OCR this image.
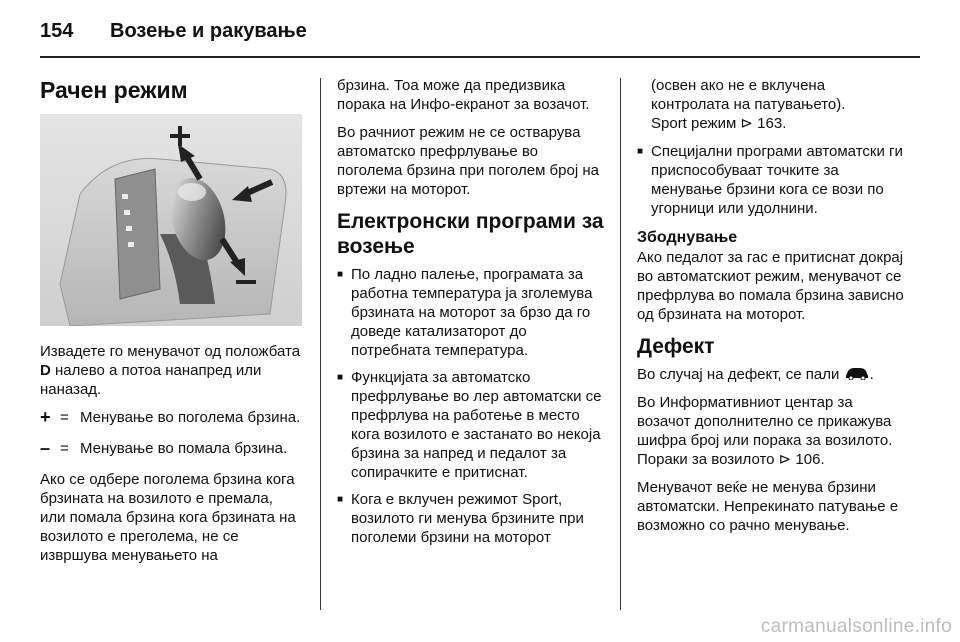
154	Возење и ракување
Рачен режим

Извадете го менувачот од положбата D налево а потоа нанапред или наназад.

+ = Менување во поголема брзина.
– = Менување во помала брзина.

Ако се одбере поголема брзина кога брзината на возилото е премала, или помала брзина кога брзината на возилото е преголема, не се извршува менувањето на

брзина. Тоа може да предизвика порака на Инфо-екранот за возачот.

Во рачниот режим не се оствaрува автоматско префрлување во поголема брзина при поголем број на вртежи на моторот.

Електронски програми за возење
■ По ладно палење, програмата за работна температура ја зголемува брзината на моторот за брзо да го доведе катализаторот до потребната температура.
■ Функцијата за автоматско префрлување во лер автоматски се префрлува на работење в место кога возилото е застанато во некоја брзина за напред и педалот за сопирачките е притиснат.
■ Кога е вклучен режимот Sport, возилото ги менува брзините при поголеми брзини на моторот

(освен ако не е вклучена контролата на патувањето).
Sport режим ⊳ 163.

■ Специјални програми автоматски ги приспособуваат точките за менување брзини кога се вози по угорници или удолнини.
Збоднување

Ако педалот за гас е притиснат докрај во автоматскиот режим, менувачот се префрлува во помала брзина зависно од брзината на моторот.

Дефект

Во случај на дефект, се пали .

Во Информативниот центар за возачот дополнително се прикажува шифра број или порака за возилото. Пораки за возилото ⊳ 106.

Менувачот веќе не менува брзини автоматски. Непрекинато патување е возможно со рачно менување.

carmanualsonline.info
